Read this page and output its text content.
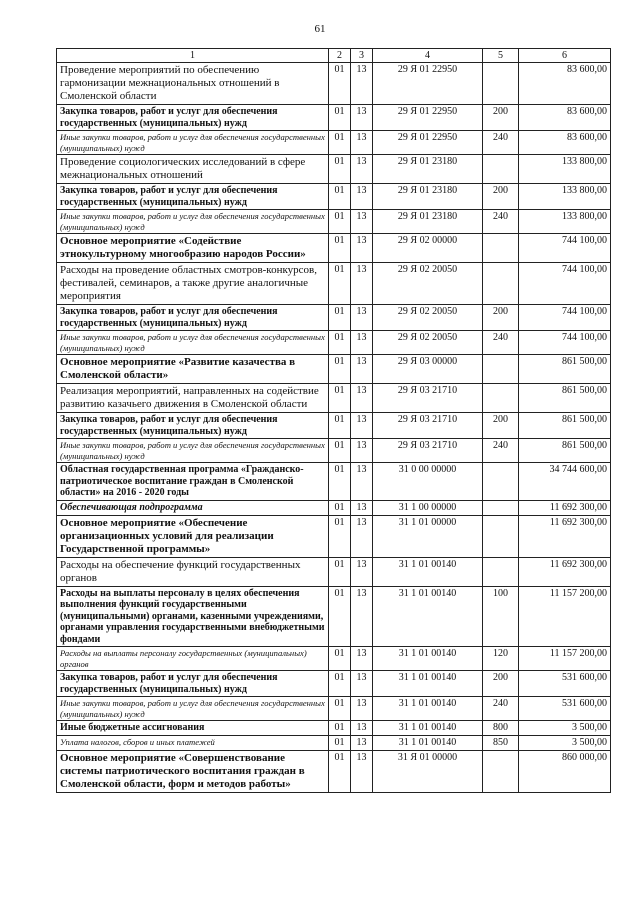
61
1	2	3	4	5	6
Проведение мероприятий по обеспечению гармонизации межнациональных отношений в Смоленской области	01	13	29 Я 01 22950		83 600,00
Закупка товаров, работ и услуг для обеспечения государственных (муниципальных) нужд	01	13	29 Я 01 22950	200	83 600,00
Иные закупки товаров, работ и услуг для обеспечения государственных (муниципальных) нужд	01	13	29 Я 01 22950	240	83 600,00
Проведение социологических исследований в сфере межнациональных отношений	01	13	29 Я 01 23180		133 800,00
Закупка товаров, работ и услуг для обеспечения государственных (муниципальных) нужд	01	13	29 Я 01 23180	200	133 800,00
Иные закупки товаров, работ и услуг для обеспечения государственных (муниципальных) нужд	01	13	29 Я 01 23180	240	133 800,00
Основное мероприятие «Содействие этнокультурному многообразию народов России»	01	13	29 Я 02 00000		744 100,00
Расходы на проведение областных смотров-конкурсов, фестивалей, семинаров, а также другие аналогичные мероприятия	01	13	29 Я 02 20050		744 100,00
Закупка товаров, работ и услуг для обеспечения государственных (муниципальных) нужд	01	13	29 Я 02 20050	200	744 100,00
Иные закупки товаров, работ и услуг для обеспечения государственных (муниципальных) нужд	01	13	29 Я 02 20050	240	744 100,00
Основное мероприятие «Развитие казачества в Смоленской области»	01	13	29 Я 03 00000		861 500,00
Реализация мероприятий, направленных на содействие развитию казачьего движения в Смоленской области	01	13	29 Я 03 21710		861 500,00
Закупка товаров, работ и услуг для обеспечения государственных (муниципальных) нужд	01	13	29 Я 03 21710	200	861 500,00
Иные закупки товаров, работ и услуг для обеспечения государственных (муниципальных) нужд	01	13	29 Я 03 21710	240	861 500,00
Областная государственная программа «Гражданско-патриотическое воспитание граждан в Смоленской области» на 2016 - 2020 годы	01	13	31 0 00 00000		34 744 600,00
Обеспечивающая подпрограмма	01	13	31 1 00 00000		11 692 300,00
Основное мероприятие «Обеспечение организационных условий для реализации Государственной программы»	01	13	31 1 01 00000		11 692 300,00
Расходы на обеспечение функций государственных органов	01	13	31 1 01 00140		11 692 300,00
Расходы на выплаты персоналу в целях обеспечения выполнения функций государственными (муниципальными) органами, казенными учреждениями, органами управления государственными внебюджетными фондами	01	13	31 1 01 00140	100	11 157 200,00
Расходы на выплаты персоналу государственных (муниципальных) органов	01	13	31 1 01 00140	120	11 157 200,00
Закупка товаров, работ и услуг для обеспечения государственных (муниципальных) нужд	01	13	31 1 01 00140	200	531 600,00
Иные закупки товаров, работ и услуг для обеспечения государственных (муниципальных) нужд	01	13	31 1 01 00140	240	531 600,00
Иные бюджетные ассигнования	01	13	31 1 01 00140	800	3 500,00
Уплата налогов, сборов и иных платежей	01	13	31 1 01 00140	850	3 500,00
Основное мероприятие «Совершенствование системы патриотического воспитания граждан в Смоленской области, форм и методов работы»	01	13	31 Я 01 00000		860 000,00
